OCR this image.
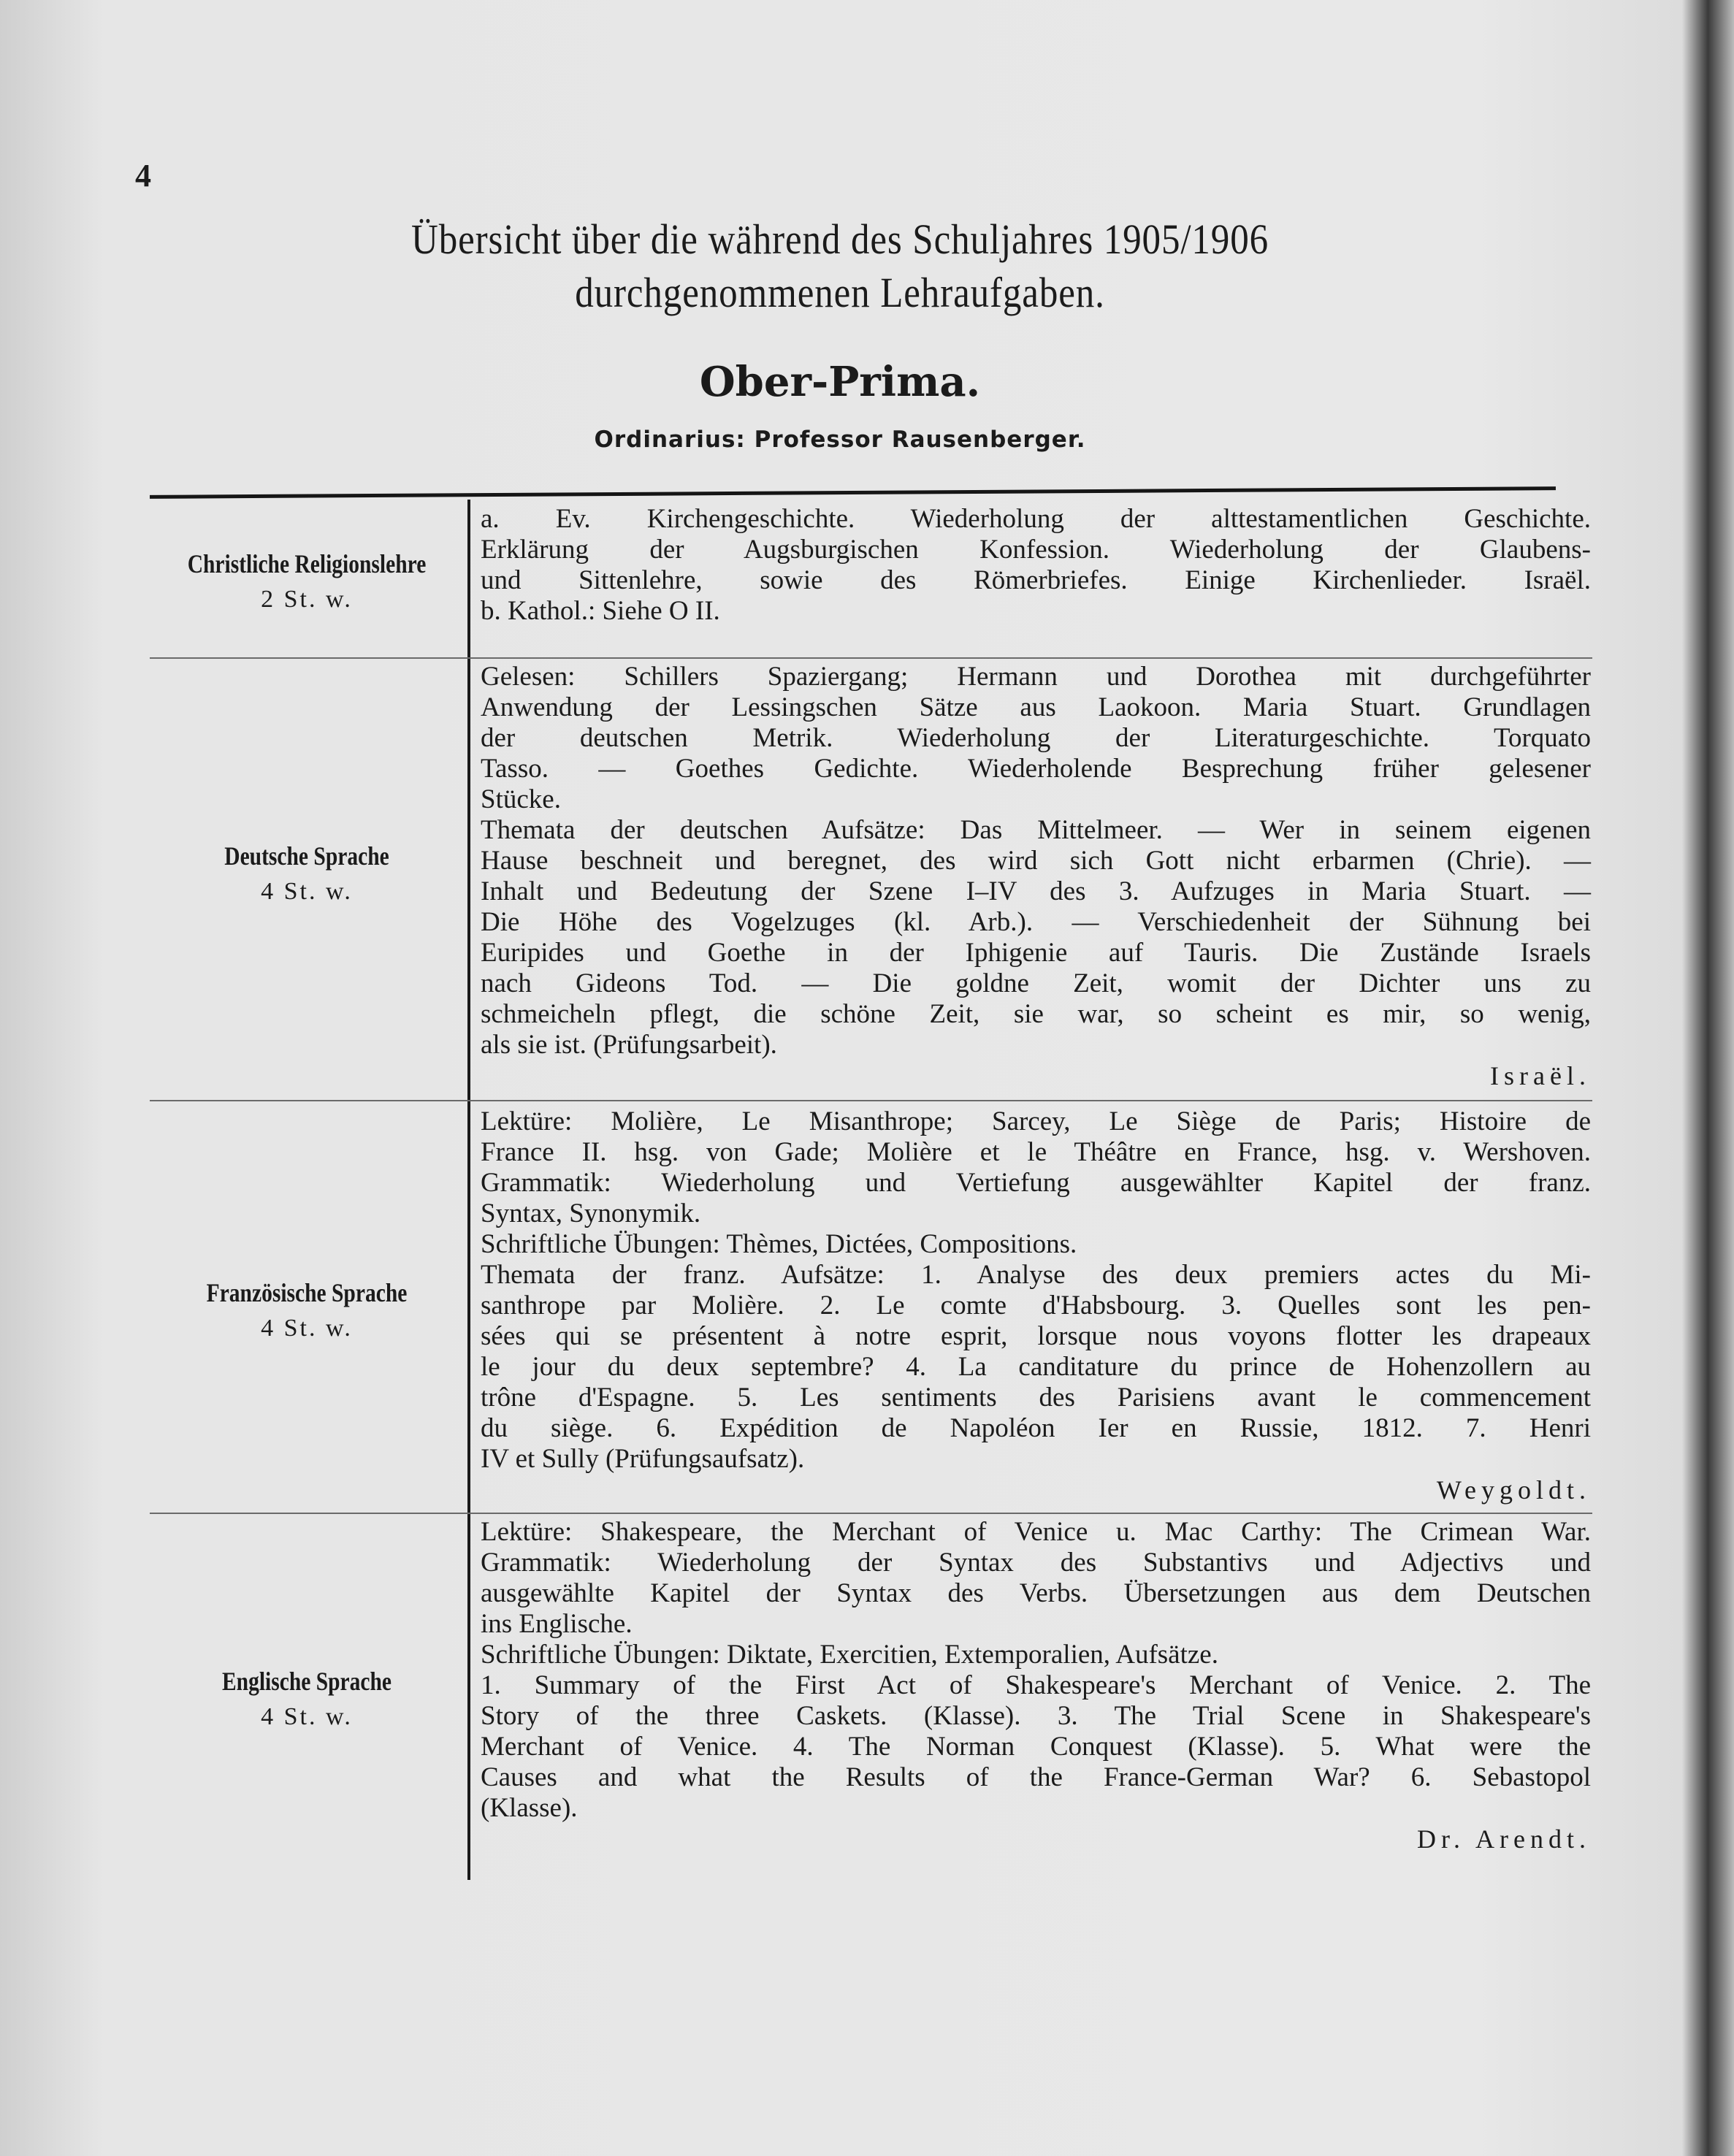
4
Übersicht über die während des Schuljahres 1905/1906
durchgenommenen Lehraufgaben.
Ober-Prima.
Ordinarius: Professor Rausenberger.
Christliche Religionslehre
2 St. w.
a. Ev. Kirchengeschichte. Wiederholung der alttestamentlichen Geschichte.
Erklärung der Augsburgischen Konfession. Wiederholung der Glaubens-
und Sittenlehre, sowie des Römerbriefes. Einige Kirchenlieder. Israël.
b. Kathol.: Siehe O II.
Deutsche Sprache
4 St. w.
Gelesen: Schillers Spaziergang; Hermann und Dorothea mit durchgeführter
Anwendung der Lessingschen Sätze aus Laokoon. Maria Stuart. Grundlagen
der deutschen Metrik. Wiederholung der Literaturgeschichte. Torquato
Tasso. — Goethes Gedichte. Wiederholende Besprechung früher gelesener
Stücke.
Themata der deutschen Aufsätze: Das Mittelmeer. — Wer in seinem eigenen
Hause beschneit und beregnet, des wird sich Gott nicht erbarmen (Chrie). —
Inhalt und Bedeutung der Szene I–IV des 3. Aufzuges in Maria Stuart. —
Die Höhe des Vogelzuges (kl. Arb.). — Verschiedenheit der Sühnung bei
Euripides und Goethe in der Iphigenie auf Tauris. Die Zustände Israels
nach Gideons Tod. — Die goldne Zeit, womit der Dichter uns zu
schmeicheln pflegt, die schöne Zeit, sie war, so scheint es mir, so wenig,
als sie ist. (Prüfungsarbeit).
Israël.
Französische Sprache
4 St. w.
Lektüre: Molière, Le Misanthrope; Sarcey, Le Siège de Paris; Histoire de
France II. hsg. von Gade; Molière et le Théâtre en France, hsg. v. Wershoven.
Grammatik: Wiederholung und Vertiefung ausgewählter Kapitel der franz.
Syntax, Synonymik.
Schriftliche Übungen: Thèmes, Dictées, Compositions.
Themata der franz. Aufsätze: 1. Analyse des deux premiers actes du Mi-
santhrope par Molière. 2. Le comte d'Habsbourg. 3. Quelles sont les pen-
sées qui se présentent à notre esprit, lorsque nous voyons flotter les drapeaux
le jour du deux septembre? 4. La canditature du prince de Hohenzollern au
trône d'Espagne. 5. Les sentiments des Parisiens avant le commencement
du siège. 6. Expédition de Napoléon Ier en Russie, 1812. 7. Henri
IV et Sully (Prüfungsaufsatz).
Weygoldt.
Englische Sprache
4 St. w.
Lektüre: Shakespeare, the Merchant of Venice u. Mac Carthy: The Crimean War.
Grammatik: Wiederholung der Syntax des Substantivs und Adjectivs und
ausgewählte Kapitel der Syntax des Verbs. Übersetzungen aus dem Deutschen
ins Englische.
Schriftliche Übungen: Diktate, Exercitien, Extemporalien, Aufsätze.
1. Summary of the First Act of Shakespeare's Merchant of Venice. 2. The
Story of the three Caskets. (Klasse). 3. The Trial Scene in Shakespeare's
Merchant of Venice. 4. The Norman Conquest (Klasse). 5. What were the
Causes and what the Results of the France-German War? 6. Sebastopol
(Klasse).
Dr. Arendt.
